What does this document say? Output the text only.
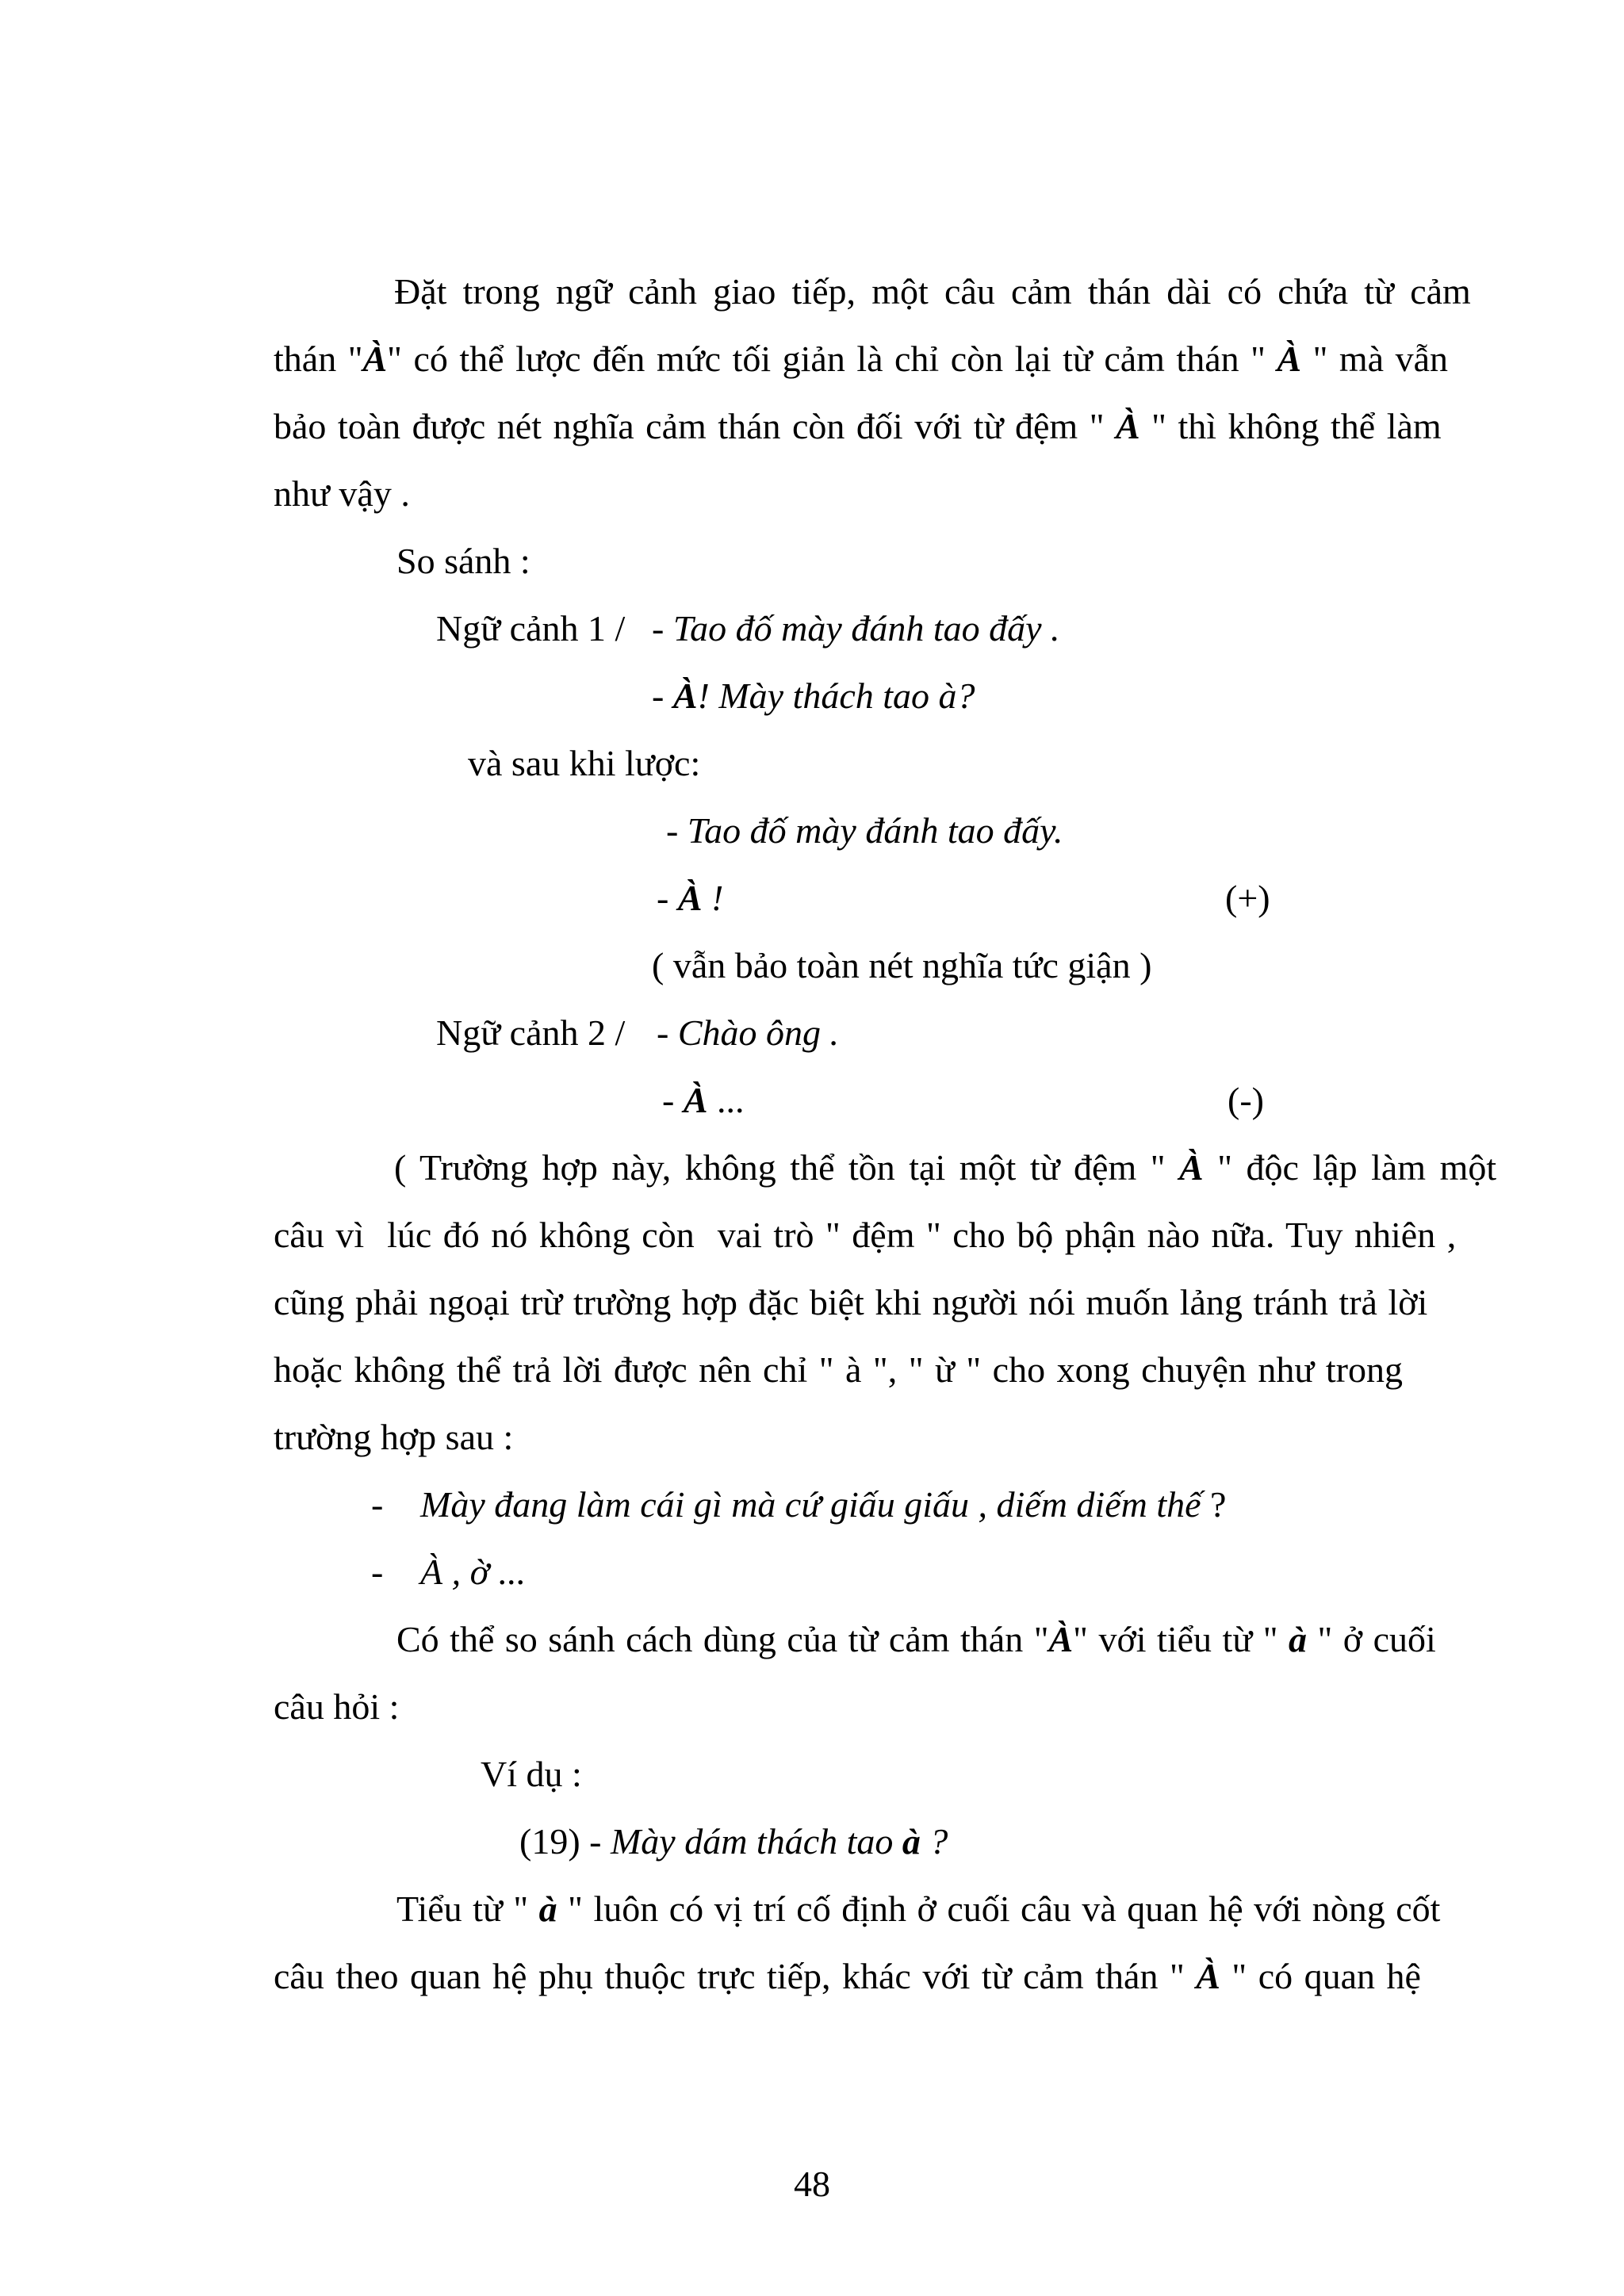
Đặt trong ngữ cảnh giao tiếp, một câu cảm thán dài có chứa từ cảm
thán "À" có thể lược đến mức tối giản là chỉ còn lại từ cảm thán " À " mà vẫn
bảo toàn được nét nghĩa cảm thán còn đối với từ đệm " À " thì không thể làm
như vậy .
So sánh :
Ngữ cảnh 1 / - Tao đố mày đánh tao đấy .
- À! Mày thách tao à?
và sau khi lược:
- Tao đố mày đánh tao đấy.
- À !	(+)
( vẫn bảo toàn nét nghĩa tức giận )
Ngữ cảnh 2 / - Chào ông .
- À ...	(-)
( Trường hợp này, không thể tồn tại một từ đệm " À " độc lập làm một
câu vì  lúc đó nó không còn  vai trò " đệm " cho bộ phận nào nữa. Tuy nhiên ,
cũng phải ngoại trừ trường hợp đặc biệt khi người nói muốn lảng tránh trả lời
hoặc không thể trả lời được nên chỉ " à ", " ừ " cho xong chuyện như trong
trường hợp sau :
- Mày đang làm cái gì mà cứ giấu giấu , diếm diếm thế ?
- À , ờ ...
Có thể so sánh cách dùng của từ cảm thán "À" với tiểu từ " à " ở cuối
câu hỏi :
Ví dụ :
(19) - Mày dám thách tao à ?
Tiểu từ " à " luôn có vị trí cố định ở cuối câu và quan hệ với nòng cốt
câu theo quan hệ phụ thuộc trực tiếp, khác với từ cảm thán " À " có quan hệ
48
